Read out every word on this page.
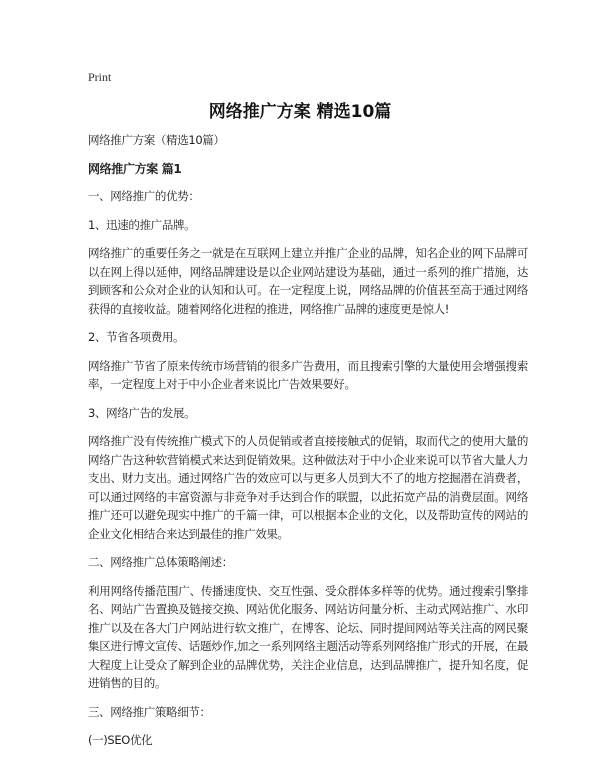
Print
网络推广方案 精选10篇

网络推广方案（精选10篇）

网络推广方案 篇1

一、网络推广的优势：

1、迅速的推广品牌。

网络推广的重要任务之一就是在互联网上建立并推广企业的品牌，知名企业的网下品牌可以在网上得以延伸，网络品牌建设是以企业网站建设为基础，通过一系列的推广措施，达到顾客和公众对企业的认知和认可。在一定程度上说，网络品牌的价值甚至高于通过网络获得的直接收益。随着网络化进程的推进，网络推广品牌的速度更是惊人!

2、节省各项费用。

网络推广节省了原来传统市场营销的很多广告费用，而且搜索引擎的大量使用会增强搜索率，一定程度上对于中小企业者来说比广告效果要好。

3、网络广告的发展。

网络推广没有传统推广模式下的人员促销或者直接接触式的促销，取而代之的使用大量的网络广告这种软营销模式来达到促销效果。这种做法对于中小企业来说可以节省大量人力支出、财力支出。通过网络广告的效应可以与更多人员到大不了的地方挖掘潜在消费者，可以通过网络的丰富资源与非竞争对手达到合作的联盟，以此拓宽产品的消费层面。网络推广还可以避免现实中推广的千篇一律，可以根据本企业的文化，以及帮助宣传的网站的企业文化相结合来达到最佳的推广效果。

二、网络推广总体策略阐述：

利用网络传播范围广、传播速度快、交互性强、受众群体多样等的优势。通过搜索引擎排名、网站广告置换及链接交换、网站优化服务、网站访问量分析、主动式网站推广、水印推广以及在各大门户网站进行软文推广，在博客、论坛、同时提间网站等关注高的网民聚集区进行博文宣传、话题炒作,加之一系列网络主题活动等系列网络推广形式的开展，在最大程度上让受众了解到企业的品牌优势，关注企业信息，达到品牌推广，提升知名度，促进销售的目的。

三、网络推广策略细节：

(一)SEO优化
